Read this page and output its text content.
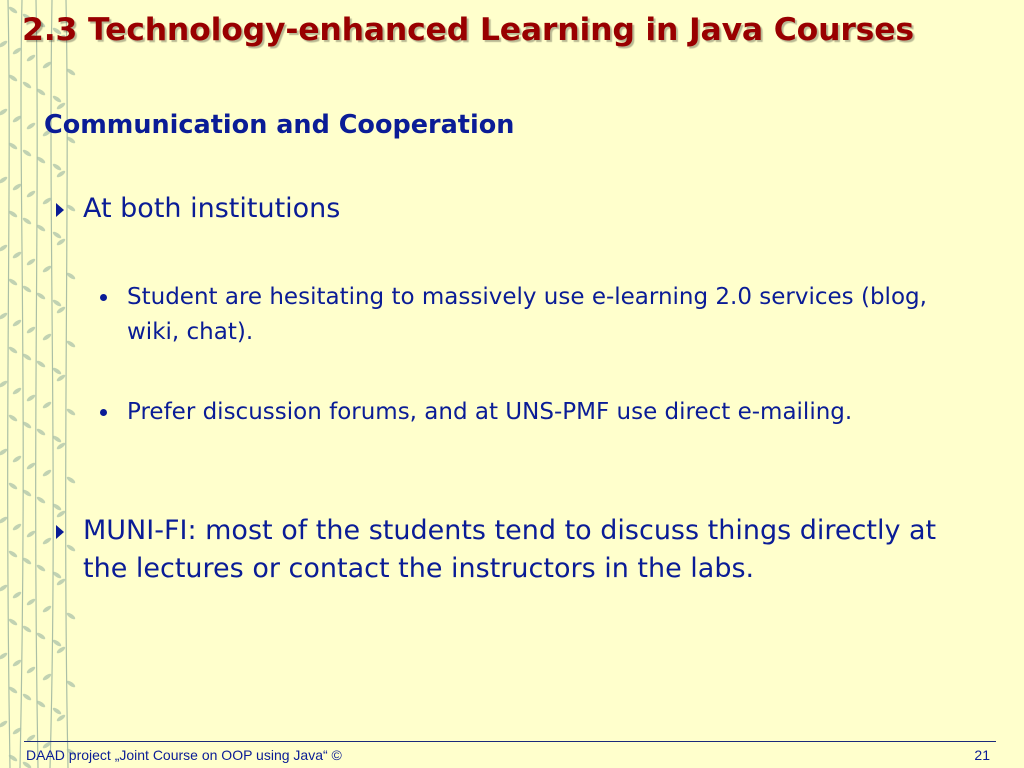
2.3 Technology-enhanced Learning in Java Courses
Communication and Cooperation
At both institutions
Student are hesitating to massively use e-learning 2.0 services (blog, wiki, chat).
Prefer discussion forums, and at UNS-PMF use direct e-mailing.
MUNI-FI: most of the students tend to discuss things directly at the lectures or contact the instructors in the labs.
DAAD project „Joint Course on OOP using Java“ ©	21
